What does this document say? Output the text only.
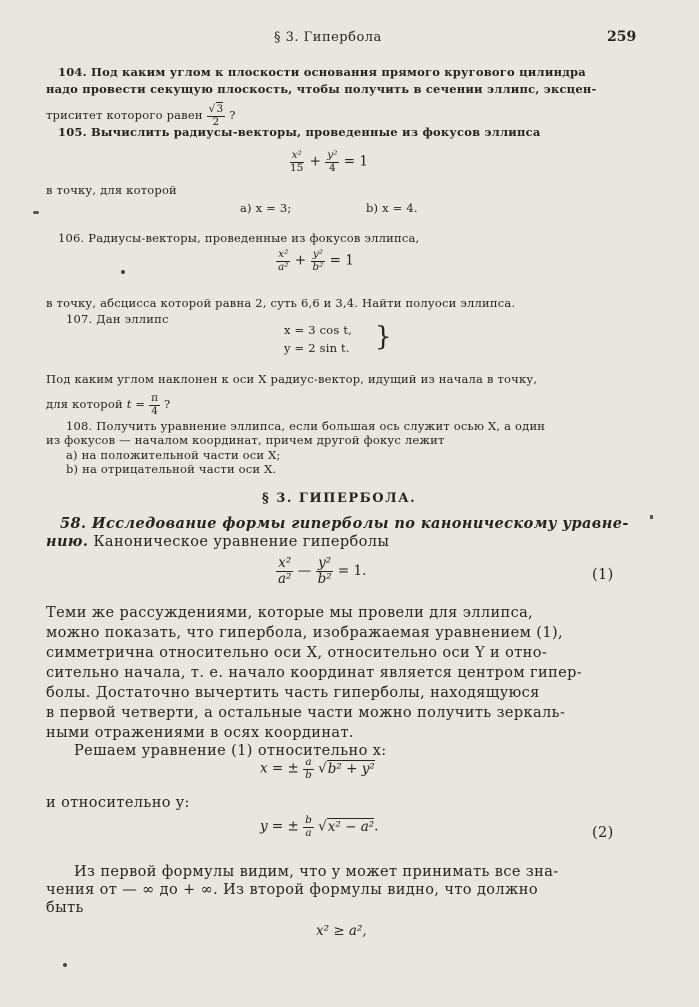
§ 3. Гиперболa	259
104. Под каким углом к плоскости основания прямого кругового цилиндра
надо провести секущую плоскость, чтобы получить в сечении эллипс, эксцен-
триситет которого равен $\frac{√3}{2}$ ?
105. Вычислить радиусы-векторы, проведенные из фокусов эллипса
$\frac{\text{x²}}{15} + \frac{\text{y²}}{4} = 1$
в точку, для которой
a) x = 3;	b) x = 4.
106. Радиусы-векторы, проведенные из фокусов эллипса,
$\frac{\text{x²}}{\text{a²}} + \frac{\text{y²}}{\text{b²}} = 1$
в точку, абсцисса которой равна 2, суть 6,6 и 3,4. Найти полуоси эллипса.
107. Дан эллипс
x = 3 cos t,
y = 2 sin t. }
Под каким углом наклонен к оси X радиус-вектор, идущий из начала в точку,
для которой $t = \frac{\pi}{4}$ ?
108. Получить уравнение эллипса, если большая ось служит осью X, а один
из фокусов — началом координат, причем другой фокус лежит
a) на положительной части оси X;
b) на отрицательной части оси X.
§ 3. ГИПЕРБОЛА.
58. Исследование формы гиперболы по каноническому уравне-
нию. Каноническое уравнение гиперболы
$\frac{\text{x²}}{\text{a²}}$ — $\frac{\text{y²}}{\text{b²}} = 1$.	(1)
Теми же рассуждениями, которые мы провели для эллипса,
можно показать, что гипербола, изображаемая уравнением (1),
симметрична относительно оси X, относительно оси Y и отно-
сительно начала, т. е. начало координат является центром гипер-
болы. Достаточно вычертить часть гиперболы, находящуюся
в первой четверти, а остальные части можно получить зеркаль-
ными отражениями в осях координат.
Решаем уравнение (1) относительно x:
x = ± $\frac{a}{b} √b^2 + y^2$
и относительно y:
y = ± $\frac{b}{a} √x^2 - a^2$.	(2)
Из первой формулы видим, что y может принимать все зна-
чения от — ∞ до + ∞. Из второй формулы видно, что должно
быть
x² ≥ a²,
